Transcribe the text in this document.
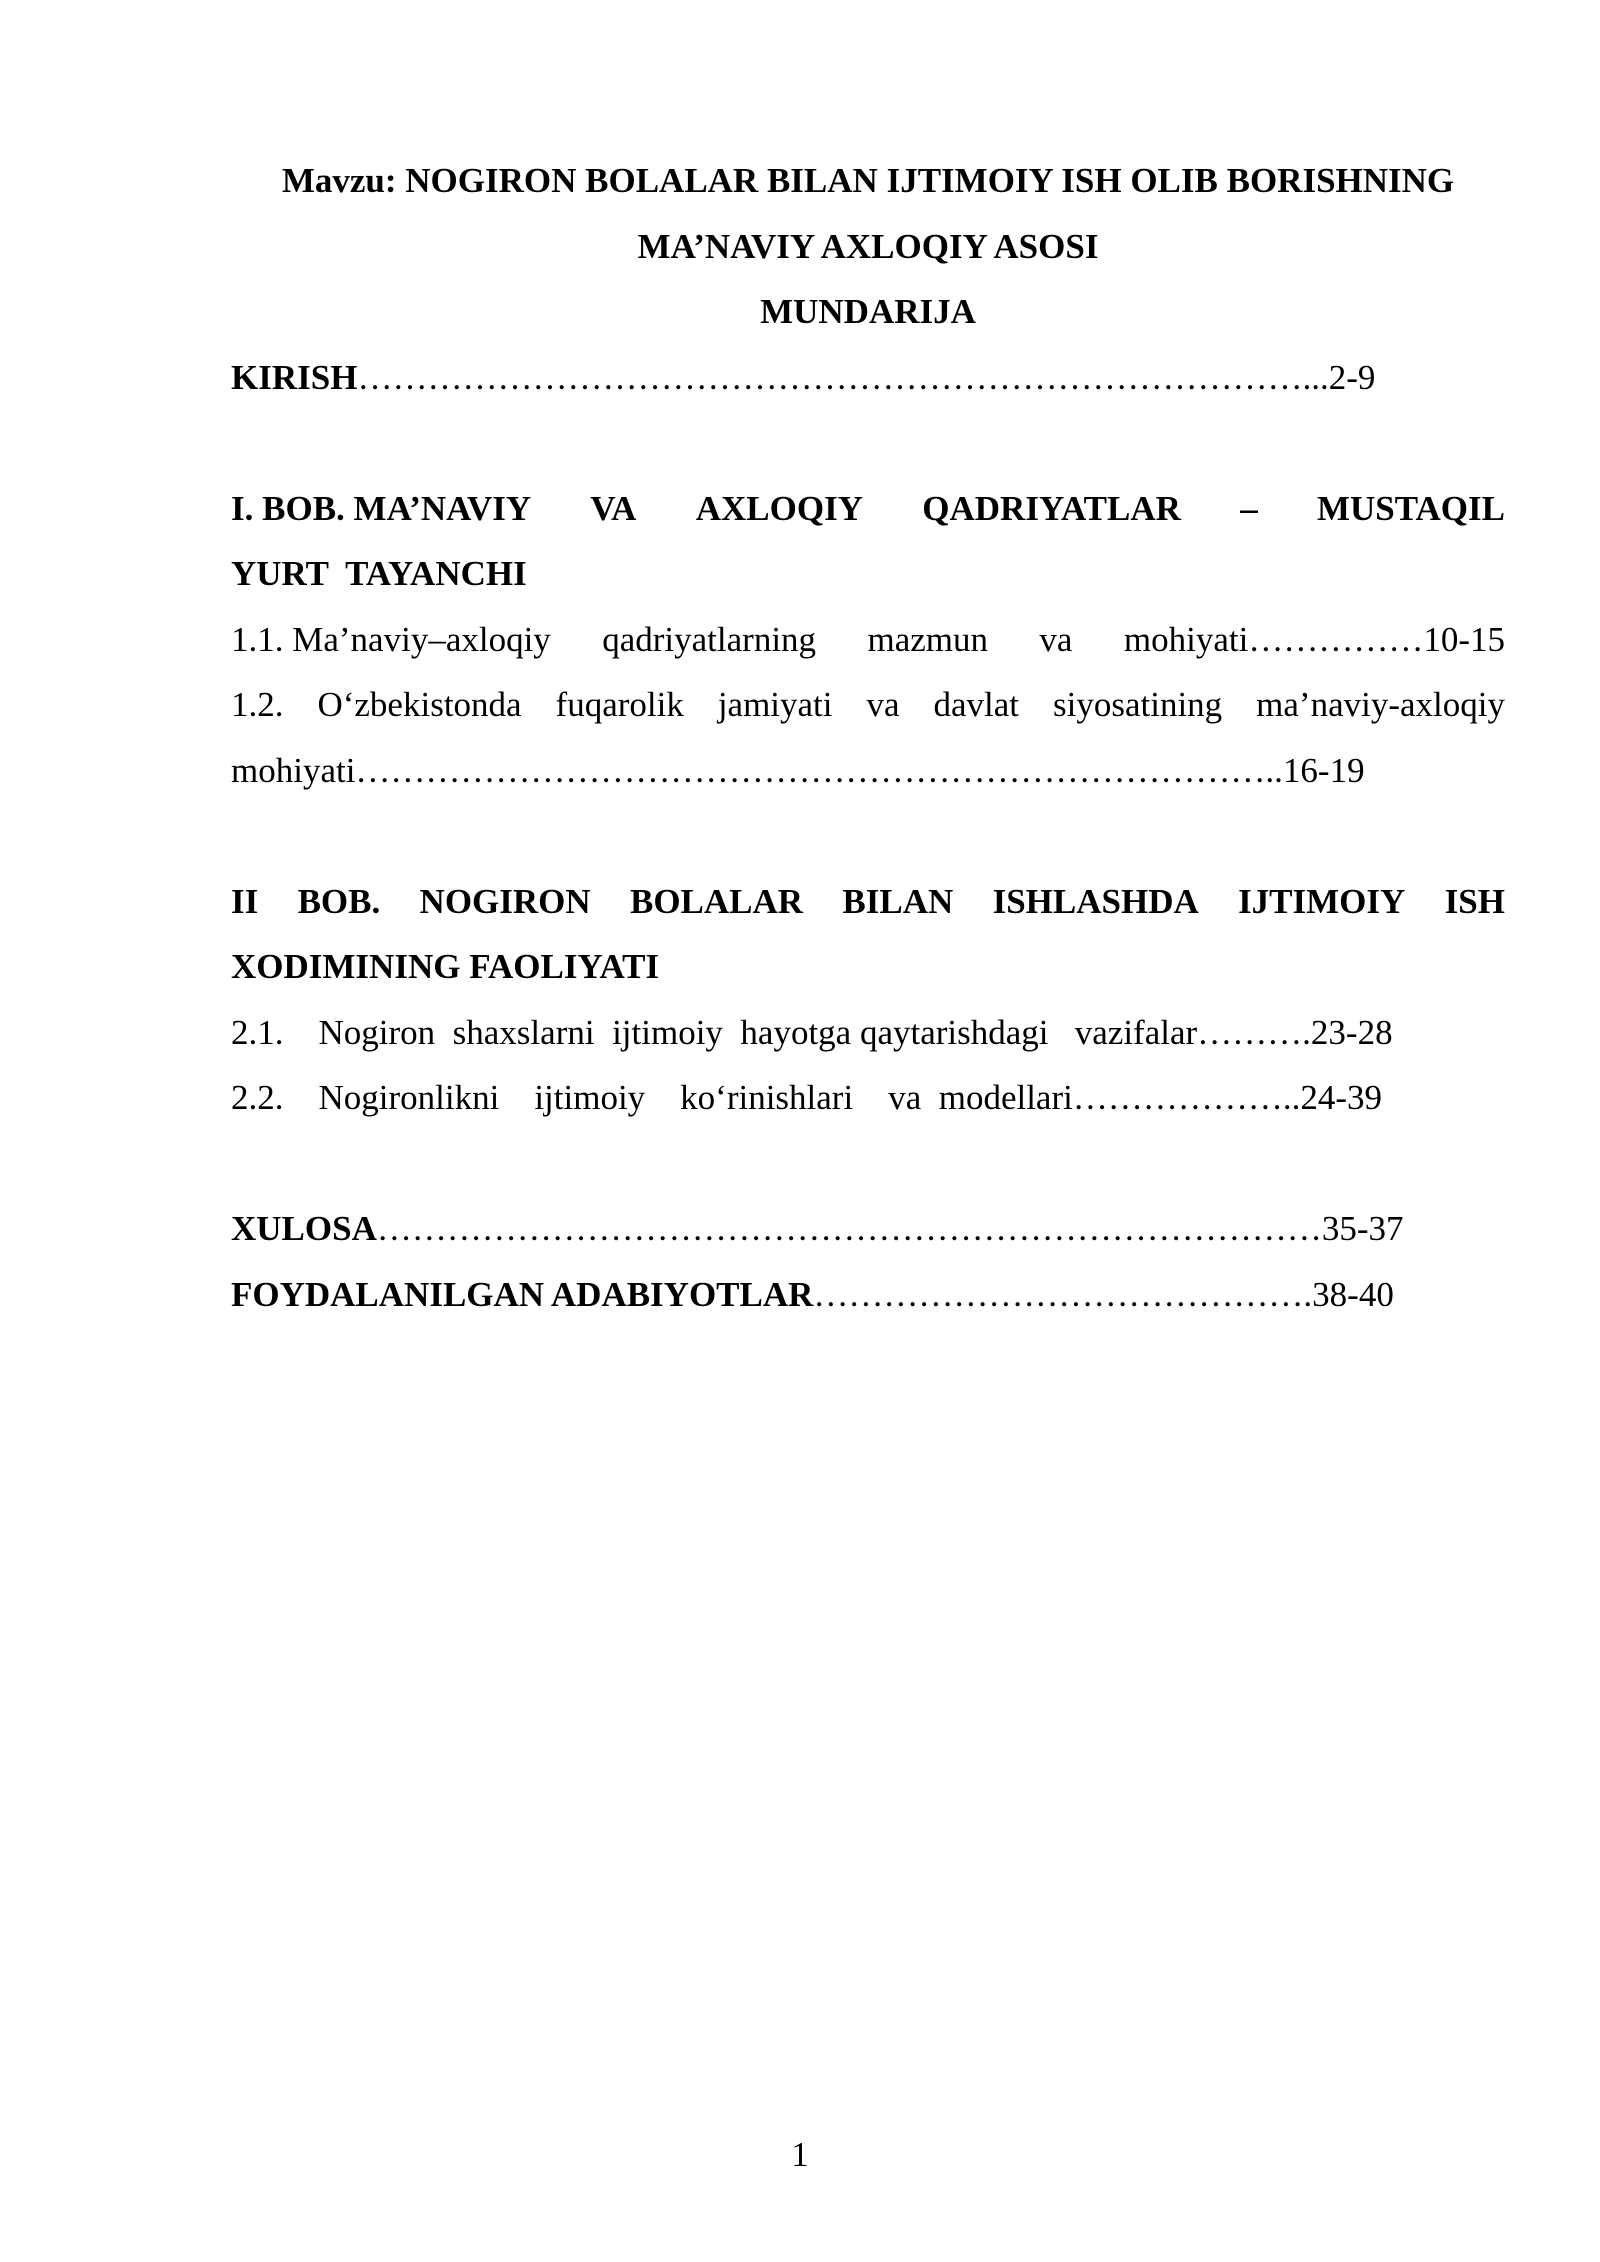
Mavzu: NOGIRON BOLALAR BILAN IJTIMOIY ISH OLIB BORISHNING
MA’NAVIY AXLOQIY ASOSI
MUNDARIJA
KIRISH………………………………………………………………………...2-9
I. BOB. MA’NAVIY VA AXLOQIY QADRIYATLAR – MUSTAQIL
YURT  TAYANCHI
1.1. Ma’naviy–axloqiy qadriyatlarning mazmun va mohiyati……………10-15
1.2. O‘zbekistonda fuqarolik jamiyati va davlat siyosatining ma’naviy-axloqiy
mohiyati……………………………………………………………………..16-19
II BOB. NOGIRON BOLALAR BILAN ISHLASHDA IJTIMOIY ISH
XODIMINING FAOLIYATI
2.1.    Nogiron  shaxslarni  ijtimoiy  hayotga qaytarishdagi   vazifalar……….23-28
2.2.    Nogironlikni    ijtimoiy    ko‘rinishlari    va  modellari………………..24-39
XULOSA………………………………………………………………………35-37
FOYDALANILGAN ADABIYOTLAR…………………………………….38-40
1
